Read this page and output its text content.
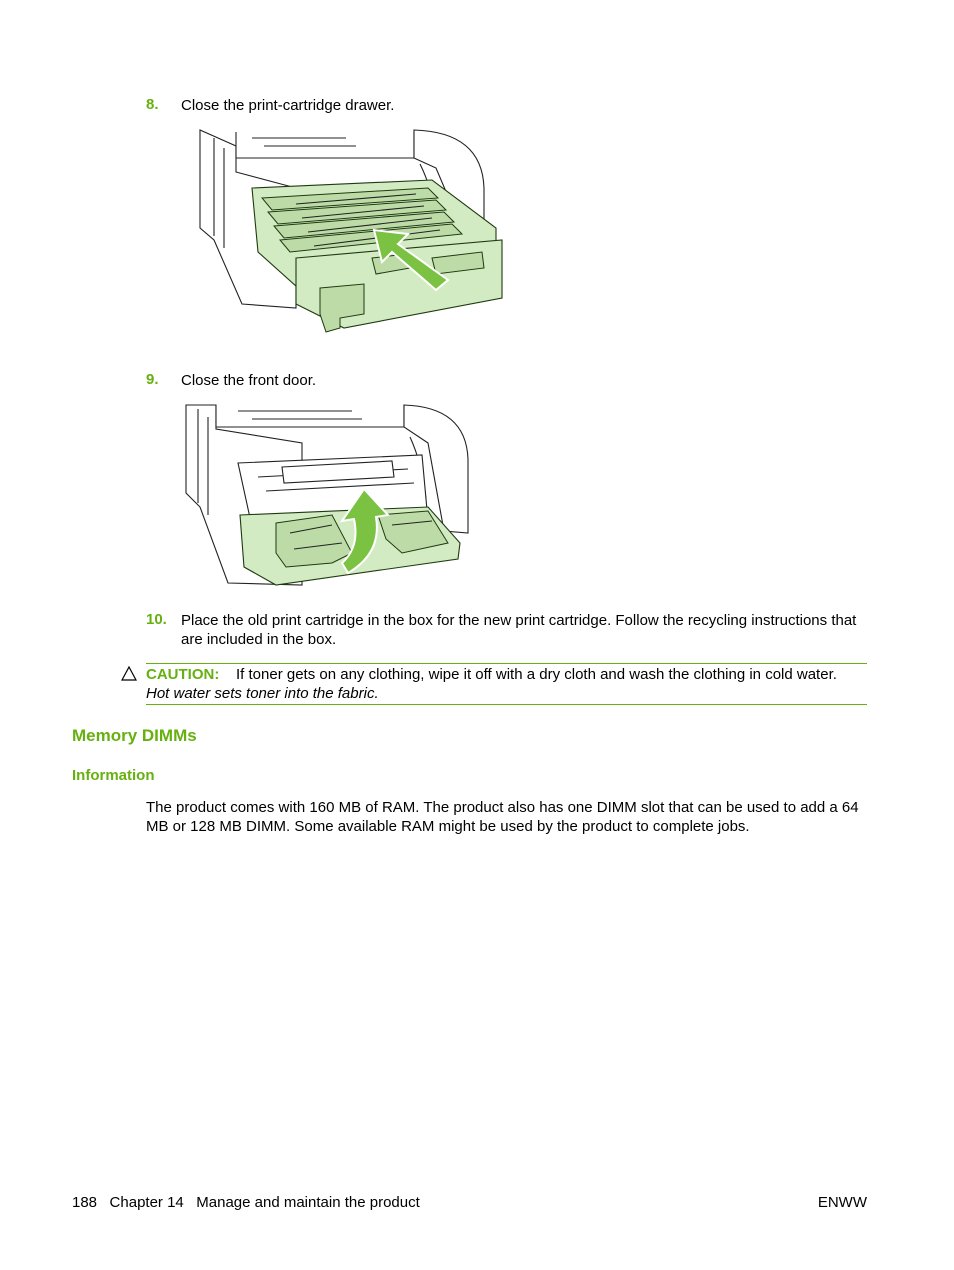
8. Close the print-cartridge drawer.
9. Close the front door.
10. Place the old print cartridge in the box for the new print cartridge. Follow the recycling instructions that are included in the box.
CAUTION: If toner gets on any clothing, wipe it off with a dry cloth and wash the clothing in cold water.
Hot water sets toner into the fabric.
Memory DIMMs
Information
The product comes with 160 MB of RAM. The product also has one DIMM slot that can be used to add a 64 MB or 128 MB DIMM. Some available RAM might be used by the product to complete jobs.
188 Chapter 14 Manage and maintain the product	ENWW
